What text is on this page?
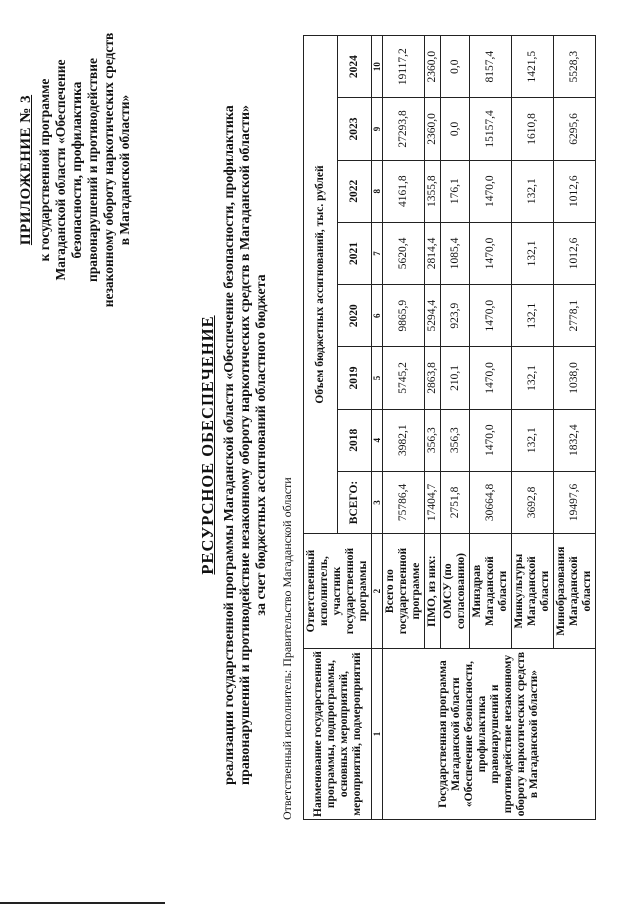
ПРИЛОЖЕНИЕ № 3 к государственной программе Магаданской области «Обеспечение безопасности, профилактика правонарушений и противодействие незаконному обороту наркотических средств в Магаданской области»
РЕСУРСНОЕ ОБЕСПЕЧЕНИЕ реализации государственной программы Магаданской области «Обеспечение безопасности, профилактика правонарушений и противодействие незаконному обороту наркотических средств в Магаданской области» за счет бюджетных ассигнований областного бюджета
Ответственный исполнитель: Правительство Магаданской области Наименование государственной программы, подпрограммы, основных мероприятий, мероприятий, подмероприятий	Ответственный исполнитель, участник государственной программы	Объем бюджетных ассигнований, тыс. рублей							
		ВСЕГО:	2018	2019	2020	2021	2022	2023	2024
1	2	3	4	5	6	7	8	9	10
Государственная программа Магаданской области «Обеспечение безопасности, профилактика правонарушений и противодействие незаконному обороту наркотических средств в Магаданской области»	Всего по государственной программе	75786,4	3982,1	5745,2	9865,9	5620,4	4161,8	27293,8	19117,2
	ПМО, из них:	17404,7	356,3	2863,8	5294,4	2814,4	1355,8	2360,0	2360,0
	ОМСУ (по согласованию)	2751,8	356,3	210,1	923,9	1085,4	176,1	0,0	0,0
	Минздрав Магаданской области	30664,8	1470,0	1470,0	1470,0	1470,0	1470,0	15157,4	8157,4
	Минкультуры Магаданской области	3692,8	132,1	132,1	132,1	132,1	132,1	1610,8	1421,5
	Минобразования Магаданской области	19497,6	1832,4	1038,0	2778,1	1012,6	1012,6	6295,6	5528,3
